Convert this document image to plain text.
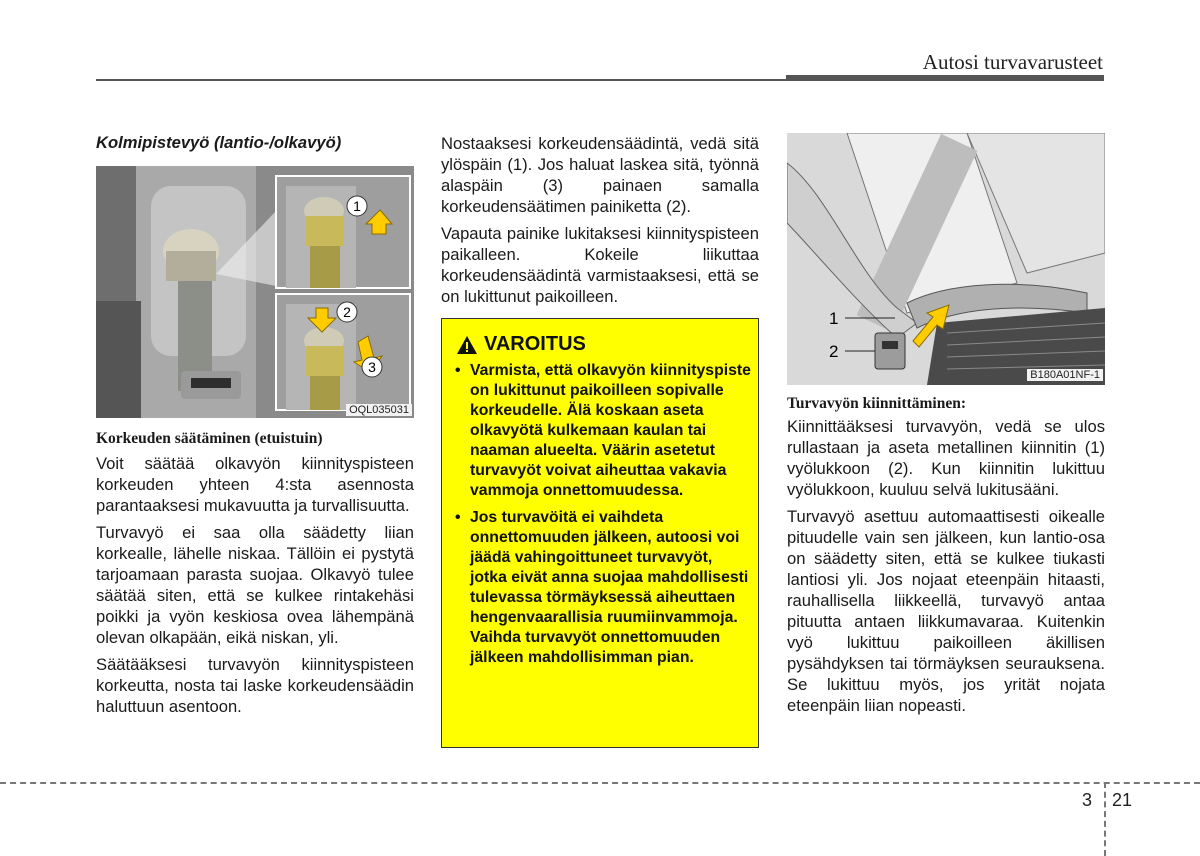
Autosi turvavarusteet
Kolmipistevyö (lantio-/olkavyö)
1
2
3
OQL035031

Korkeuden säätäminen (etuistuin)

Voit säätää olkavyön kiinnityspisteen korkeuden yhteen 4:sta asennosta parantaaksesi mukavuutta ja turvallisuutta.

Turvavyö ei saa olla säädetty liian korkealle, lähelle niskaa. Tällöin ei pystytä tarjoamaan parasta suojaa. Olkavyö tulee säätää siten, että se kulkee rintakehäsi poikki ja vyön keskiosa ovea lähempänä olevan olkapään, eikä niskan, yli.

Säätääksesi turvavyön kiinnityspisteen korkeutta, nosta tai laske korkeudensäädin haluttuun asentoon.

Nostaaksesi korkeudensäädintä, vedä sitä ylöspäin (1). Jos haluat laskea sitä, työnnä alaspäin (3) painaen samalla korkeudensäätimen painiketta (2).

Vapauta painike lukitaksesi kiinnityspisteen paikalleen. Kokeile liikuttaa korkeudensäädintä varmistaaksesi, että se on lukittunut paikoilleen.

VAROITUS
• Varmista, että olkavyön kiinnityspiste on lukittunut paikoilleen sopivalle korkeudelle. Älä koskaan aseta olkavyötä kulkemaan kaulan tai naaman alueelta. Väärin asetetut turvavyöt voivat aiheuttaa vakavia vammoja onnettomuudessa.
• Jos turvavöitä ei vaihdeta onnettomuuden jälkeen, autoosi voi jäädä vahingoittuneet turvavyöt, jotka eivät anna suojaa mahdollisesti tulevassa törmäyksessä aiheuttaen hengenvaarallisia ruumiinvammoja. Vaihda turvavyöt onnettomuuden jälkeen mahdollisimman pian.
1
2
B180A01NF-1

Turvavyön kiinnittäminen:

Kiinnittääksesi turvavyön, vedä se ulos rullastaan ja aseta metallinen kiinnitin (1) vyölukkoon (2). Kun kiinnitin lukittuu vyölukkoon, kuuluu selvä lukitusääni.

Turvavyö asettuu automaattisesti oikealle pituudelle vain sen jälkeen, kun lantio-osa on säädetty siten, että se kulkee tiukasti lantiosi yli. Jos nojaat eteenpäin hitaasti, rauhallisella liikkeellä, turvavyö antaa pituutta antaen liikkumavaraa. Kuitenkin vyö lukittuu paikoilleen äkillisen pysähdyksen tai törmäyksen seurauksena. Se lukittuu myös, jos yrität nojata eteenpäin liian nopeasti.

3 21
